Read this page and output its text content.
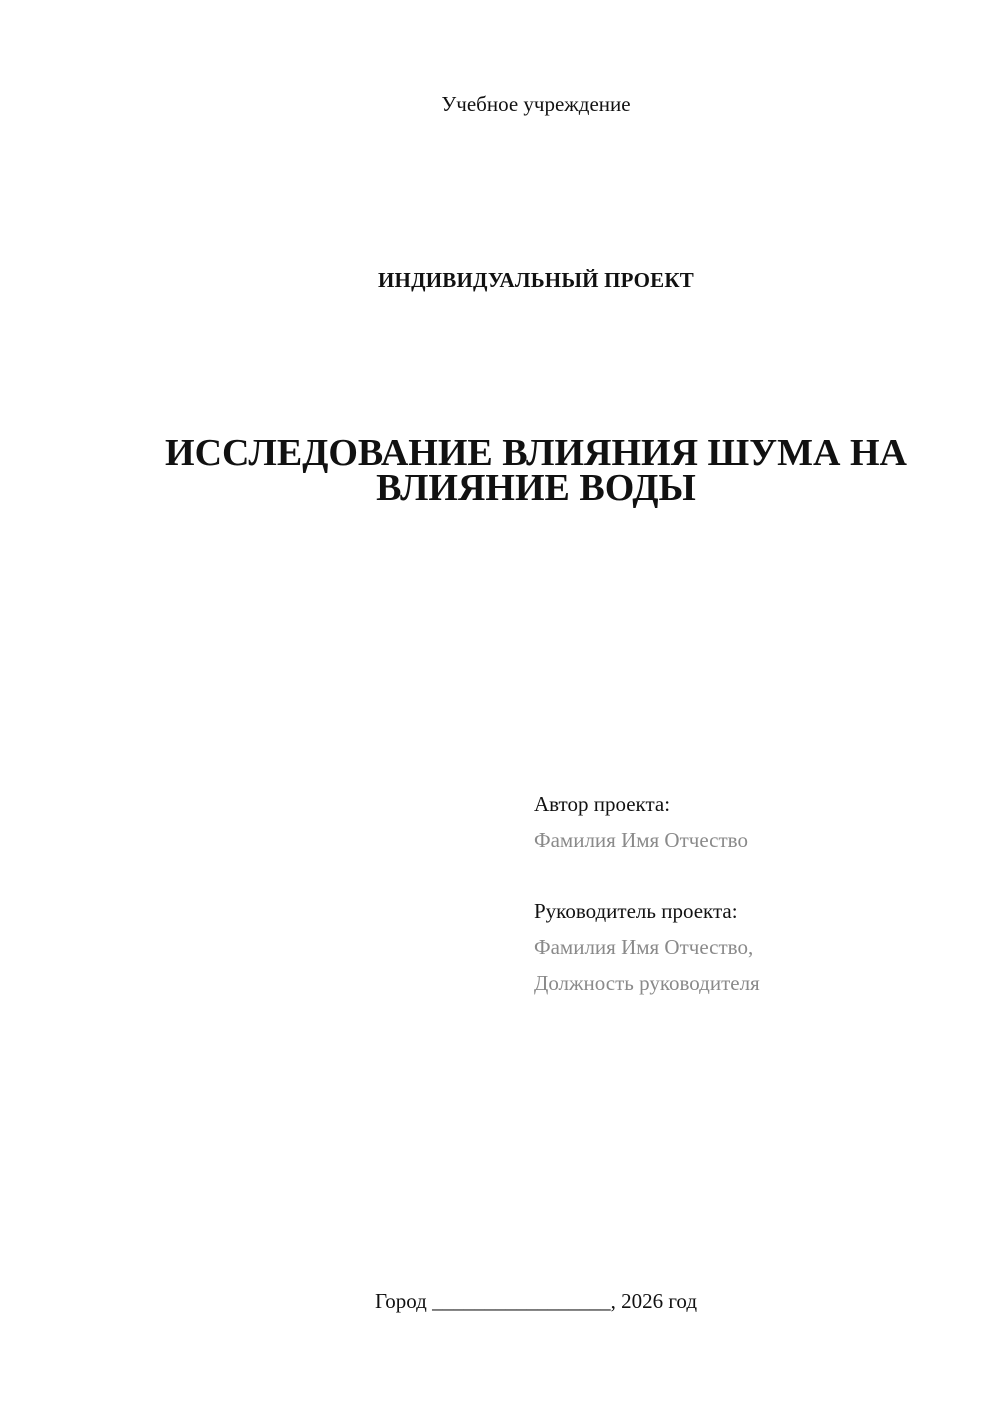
Учебное учреждение
ИНДИВИДУАЛЬНЫЙ ПРОЕКТ
ИССЛЕДОВАНИЕ ВЛИЯНИЯ ШУМА НА
ВЛИЯНИЕ ВОДЫ
Автор проекта:
Фамилия Имя Отчество
Руководитель проекта:
Фамилия Имя Отчество,
Должность руководителя
Город _________________, 2026 год
